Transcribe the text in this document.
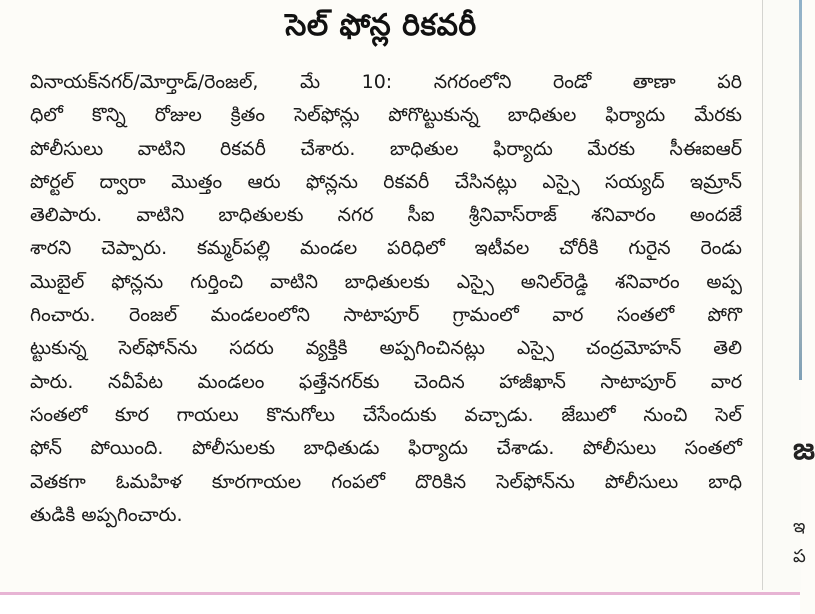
సెల్ ఫోన్ల రికవరీ
వినాయక్‌నగర్/మోర్తాడ్/రెంజల్, మే 10: నగరంలోని రెండో తాణా పరి
ధిలో కొన్ని రోజుల క్రితం సెల్‌ఫోన్లు పోగొట్టుకున్న బాధితుల ఫిర్యాదు మేరకు
పోలీసులు వాటిని రికవరీ చేశారు. బాధితుల ఫిర్యాదు మేరకు సీఈఐఆర్
పోర్టల్ ద్వారా మొత్తం ఆరు ఫోన్లను రికవరీ చేసినట్లు ఎస్సై సయ్యద్ ఇమ్రాన్
తెలిపారు. వాటిని బాధితులకు నగర సీఐ శ్రీనివాస్‌రాజ్ శనివారం అందజే
శారని చెప్పారు. కమ్మర్‌పల్లి మండల పరిధిలో ఇటీవల చోరీకి గురైన రెండు
మొబైల్ ఫోన్లను గుర్తించి వాటిని బాధితులకు ఎస్సై అనిల్‌రెడ్డి శనివారం అప్ప
గించారు. రెంజల్ మండలంలోని సాటాపూర్ గ్రామంలో వార సంతలో పోగొ
ట్టుకున్న సెల్‌ఫోన్‌ను సదరు వ్యక్తికి అప్పగించినట్లు ఎస్సై చంద్రమోహన్ తెలి
పారు. నవీపేట మండలం ఫత్తేనగర్‌కు చెందిన హాజీఖాన్ సాటాపూర్ వార
సంతలో కూర గాయలు కొనుగోలు చేసేందుకు వచ్చాడు. జేబులో నుంచి సెల్
ఫోన్ పోయింది. పోలీసులకు బాధితుడు ఫిర్యాదు చేశాడు. పోలీసులు సంతలో
వెతకగా ఓమహిళ కూరగాయల గంపలో దొరికిన సెల్‌ఫోన్‌ను పోలీసులు బాధి
తుడికి అప్పగించారు.
జ
ఇ
ప
